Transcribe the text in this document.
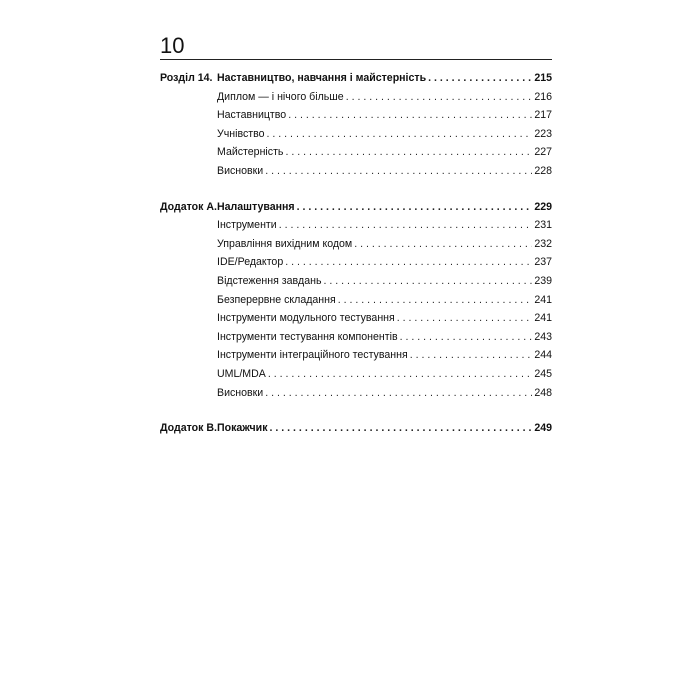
10
Розділ 14. Наставництво, навчання і майстерність . . .	215
Диплом — і нічого більше . . .	216
Наставництво . . .	217
Учнівство . . .	223
Майстерність . . .	227
Висновки . . .	228
Додаток А. Налаштування . . .	229
Інструменти . . .	231
Управління вихідним кодом . . .	232
IDE/Редактор . . .	237
Відстеження завдань . . .	239
Безперервне складання . . .	241
Інструменти модульного тестування . . .	241
Інструменти тестування компонентів . . .	243
Інструменти інтеграційного тестування . . .	244
UML/MDA . . .	245
Висновки . . .	248
Додаток В. Покажчик . . .	249
